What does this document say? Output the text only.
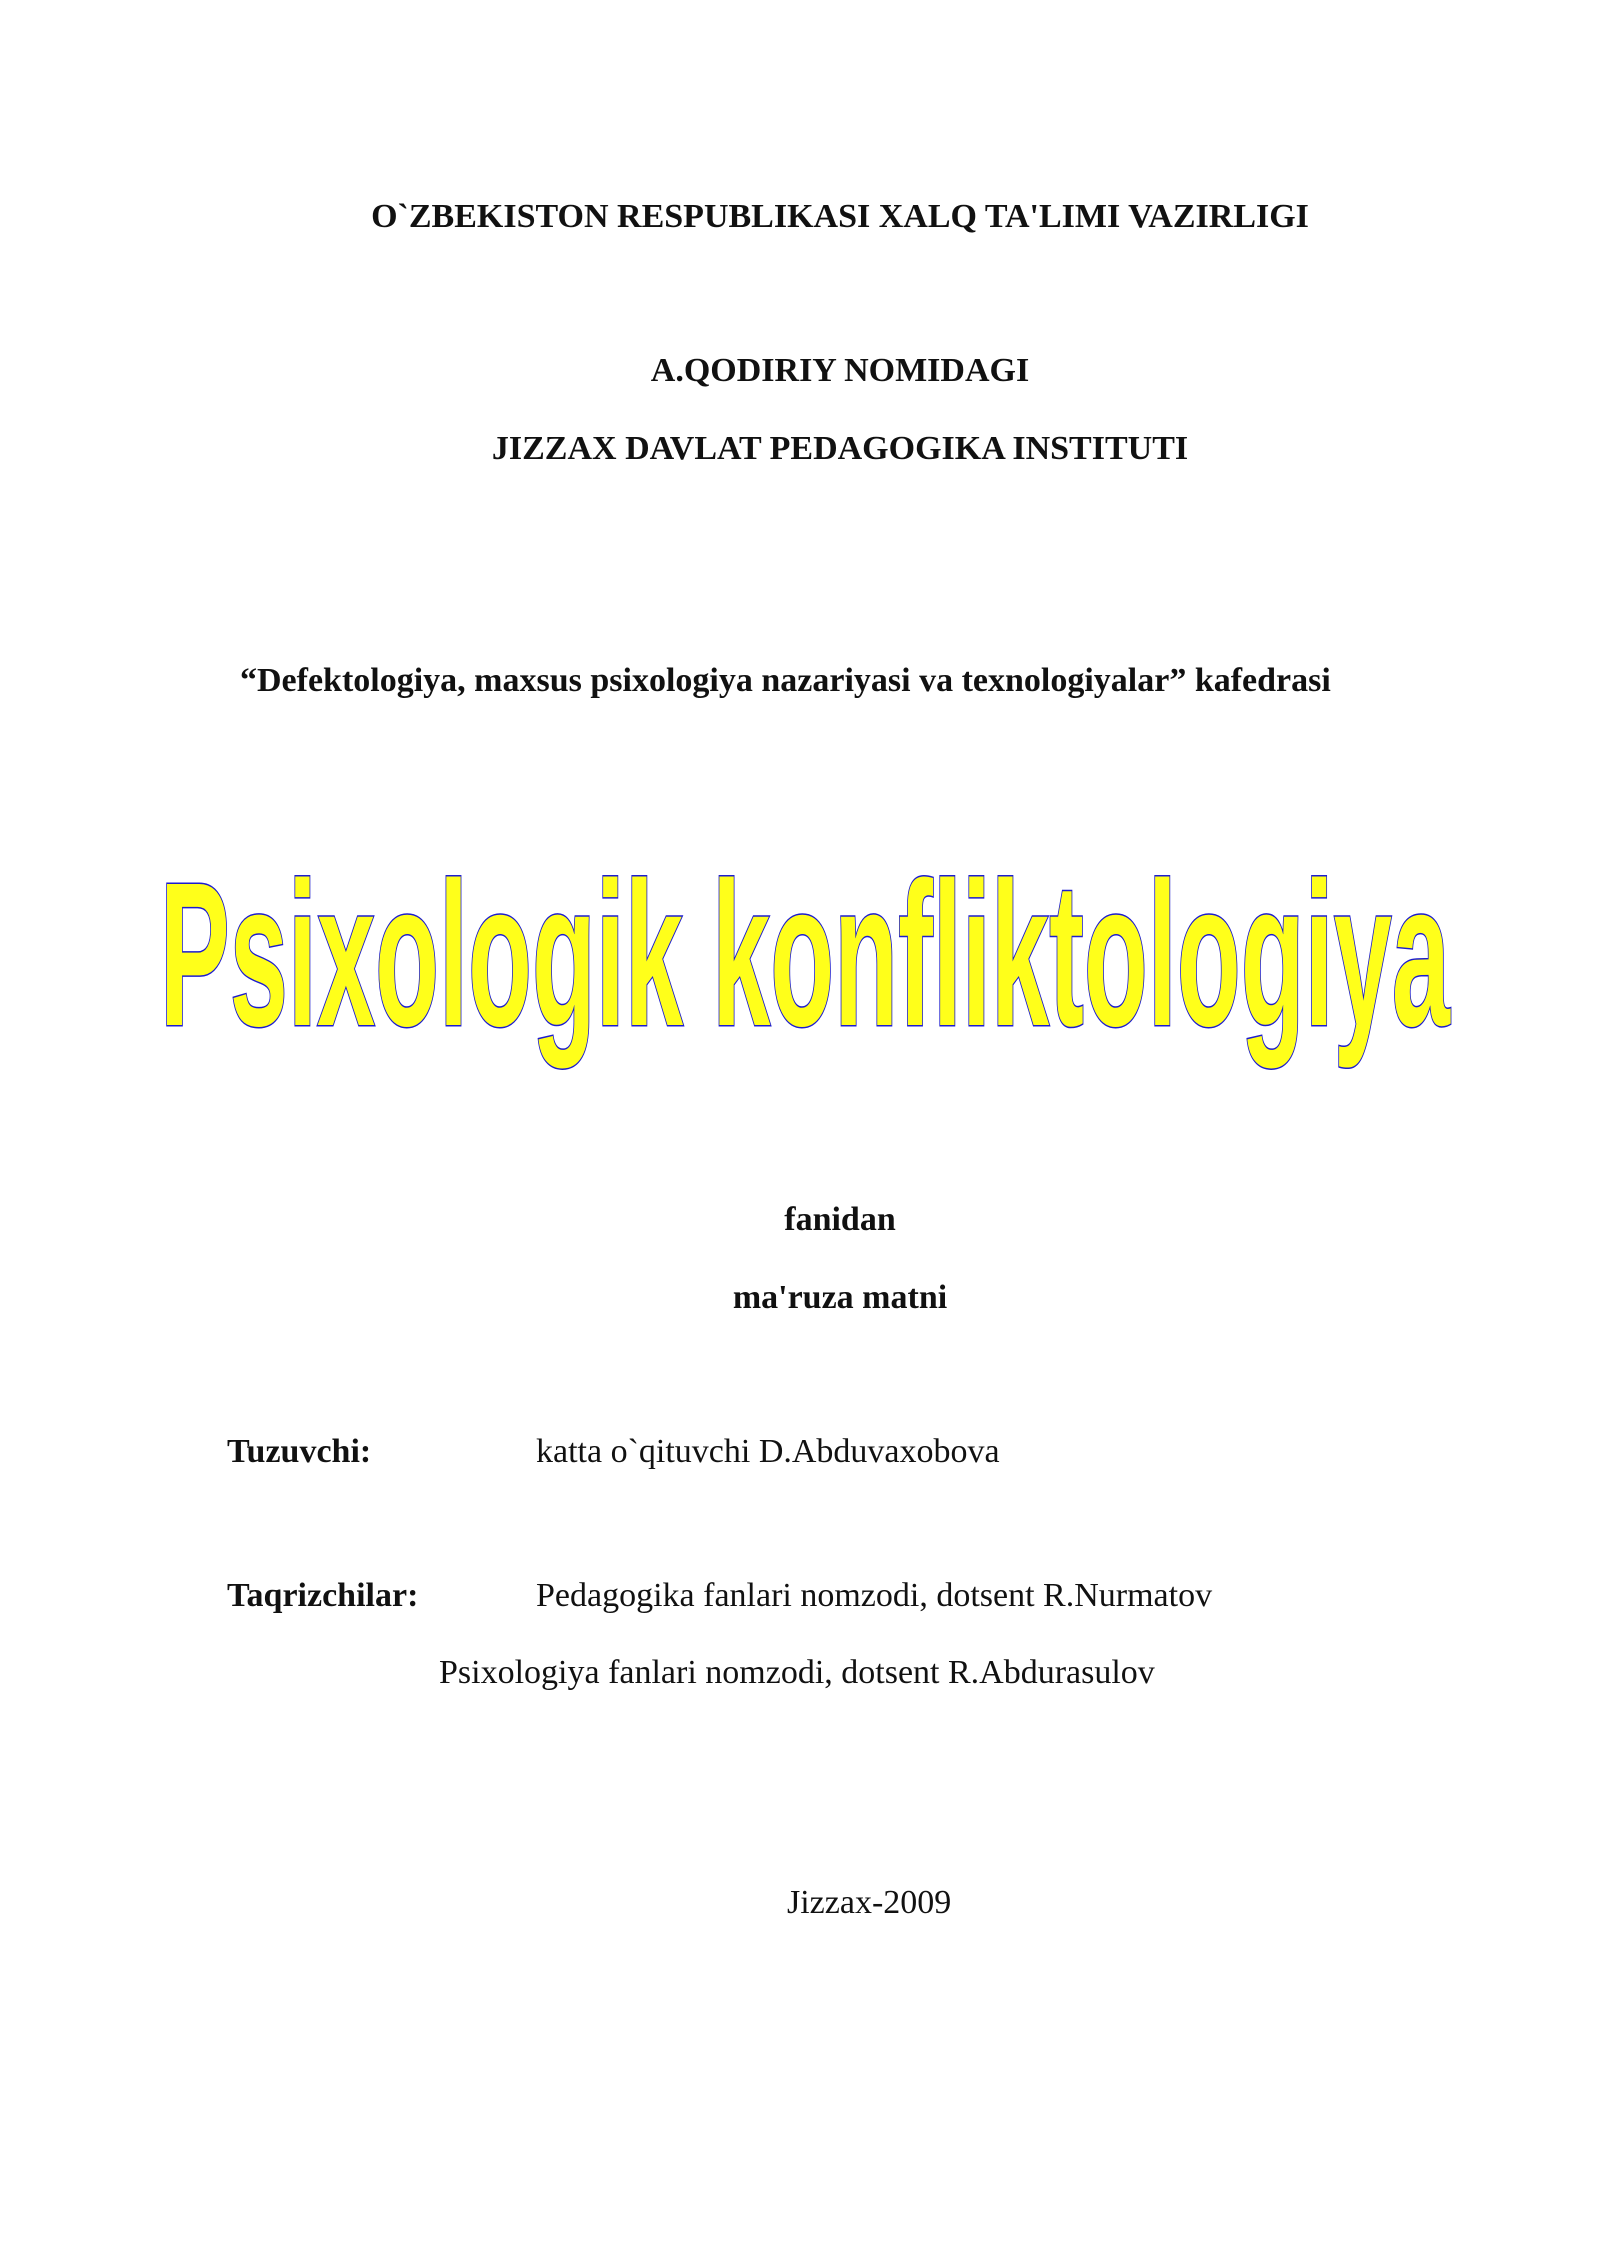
O`ZBEKISTON RESPUBLIKASI XALQ TA'LIMI VAZIRLIGI

A.QODIRIY NOMIDAGI

JIZZAX DAVLAT PEDAGOGIKA INSTITUTI

“Defektologiya, maxsus psixologiya nazariyasi va texnologiyalar” kafedrasi

Psixologik konfliktologiya

fanidan

ma'ruza matni

Tuzuvchi:	katta o`qituvchi D.Abduvaxobova

Taqrizchilar:	Pedagogika fanlari nomzodi, dotsent R.Nurmatov

Psixologiya fanlari nomzodi, dotsent R.Abdurasulov

Jizzax-2009
